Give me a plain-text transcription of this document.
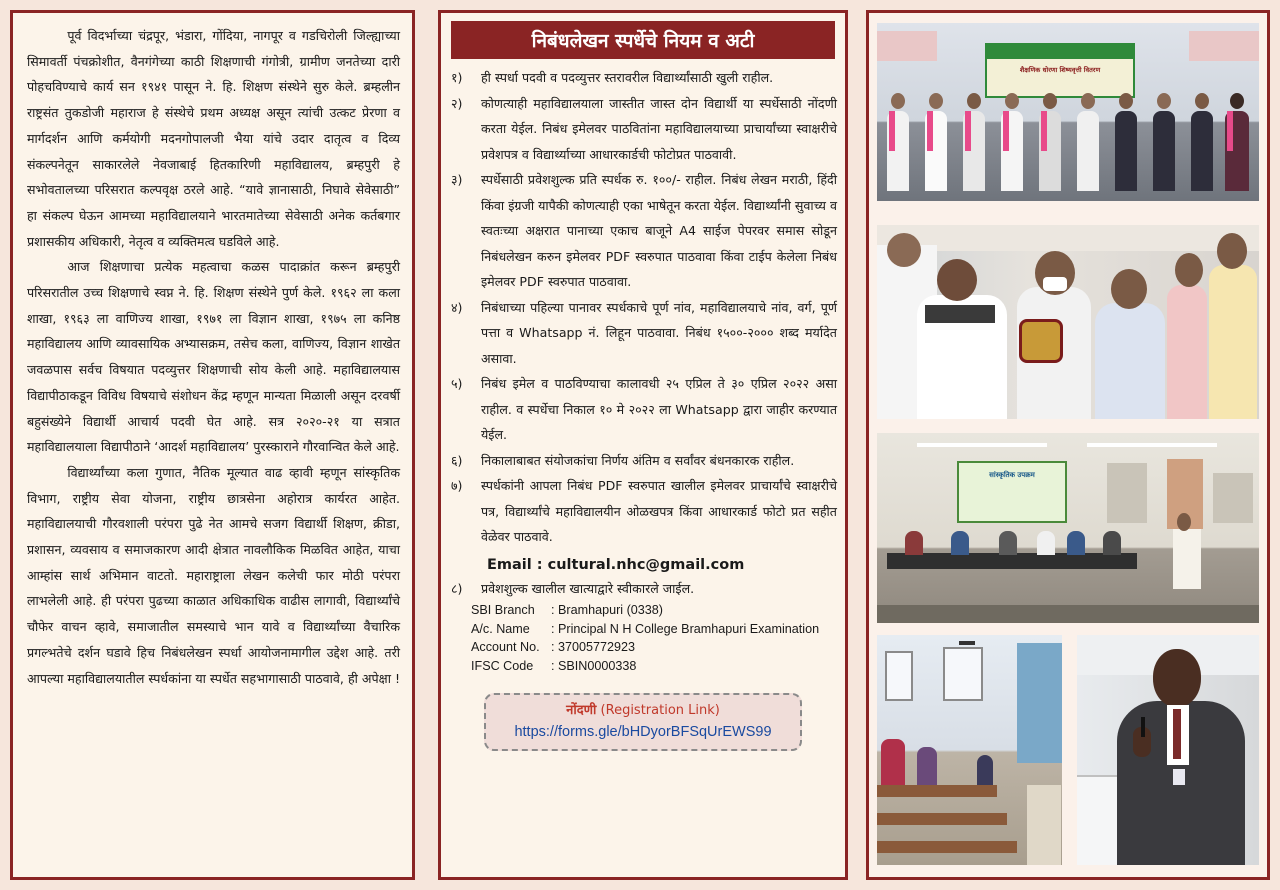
पूर्व विदर्भाच्या चंद्रपूर, भंडारा, गोंदिया, नागपूर व गडचिरोली जिल्ह्याच्या सिमावर्ती पंचक्रोशीत, वैनगंगेच्या काठी शिक्षणाची गंगोत्री, ग्रामीण जनतेच्या दारी पोहचविण्याचे कार्य सन १९४१ पासून ने. हि. शिक्षण संस्थेने सुरु केले. ब्रम्हलीन राष्ट्रसंत तुकडोजी महाराज हे संस्थेचे प्रथम अध्यक्ष असून त्यांची उत्कट प्रेरणा व मार्गदर्शन आणि कर्मयोगी मदनगोपालजी भैया यांचे उदार दातृत्व व दिव्य संकल्पनेतून साकारलेले नेवजाबाई हितकारिणी महाविद्यालय, ब्रम्हपुरी हे सभोवतालच्या परिसरात कल्पवृक्ष ठरले आहे. “यावे ज्ञानासाठी, निघावे सेवेसाठी” हा संकल्प घेऊन आमच्या महाविद्यालयाने भारतमातेच्या सेवेसाठी अनेक कर्तबगार प्रशासकीय अधिकारी, नेतृत्व व व्यक्तिमत्व घडविले आहे.

आज शिक्षणाचा प्रत्येक महत्वाचा कळस पादाक्रांत करून ब्रम्हपुरी परिसरातील उच्च शिक्षणाचे स्वप्न ने. हि. शिक्षण संस्थेने पुर्ण केले. १९६२ ला कला शाखा, १९६३ ला वाणिज्य शाखा, १९७१ ला विज्ञान शाखा, १९७५ ला कनिष्ठ महाविद्यालय आणि व्यावसायिक अभ्यासक्रम, तसेच कला, वाणिज्य, विज्ञान शाखेत जवळपास सर्वच विषयात पदव्युत्तर शिक्षणाची सोय केली आहे. महाविद्यालयास विद्यापीठाकडून विविध विषयाचे संशोधन केंद्र म्हणून मान्यता मिळाली असून दरवर्षी बहुसंख्येने विद्यार्थी आचार्य पदवी घेत आहे. सत्र २०२०-२१ या सत्रात महाविद्यालयाला विद्यापीठाने ‘आदर्श महाविद्यालय’ पुरस्काराने गौरवान्वित केले आहे.

विद्यार्थ्यांच्या कला गुणात, नैतिक मूल्यात वाढ व्हावी म्हणून सांस्कृतिक विभाग, राष्ट्रीय सेवा योजना, राष्ट्रीय छात्रसेना अहोरात्र कार्यरत आहेत. महाविद्यालयाची गौरवशाली परंपरा पुढे नेत आमचे सजग विद्यार्थी शिक्षण, क्रीडा, प्रशासन, व्यवसाय व समाजकारण आदी क्षेत्रात नावलौकिक मिळवित आहेत, याचा आम्हांस सार्थ अभिमान वाटतो. महाराष्ट्राला लेखन कलेची फार मोठी परंपरा लाभलेली आहे. ही परंपरा पुढच्या काळात अधिकाधिक वाढीस लागावी, विद्यार्थ्यांचे चौफेर वाचन व्हावे, समाजातील समस्याचे भान यावे व विद्यार्थ्यांच्या वैचारिक प्रगल्भतेचे दर्शन घडावे हिच निबंधलेखन स्पर्धा आयोजनामागील उद्देश आहे. तरी आपल्या महाविद्यालयातील स्पर्धकांना या स्पर्धेत सहभागासाठी पाठवावे, ही अपेक्षा !

निबंधलेखन स्पर्धेचे नियम व अटी
१)	ही स्पर्धा पदवी व पदव्युत्तर स्तरावरील विद्यार्थ्यांसाठी खुली राहील.
२)	कोणत्याही महाविद्यालयाला जास्तीत जास्त दोन विद्यार्थी या स्पर्धेसाठी नोंदणी करता येईल. निबंध इमेलवर पाठवितांना महाविद्यालयाच्या प्राचार्यांच्या स्वाक्षरीचे प्रवेशपत्र व विद्यार्थ्याच्या आधारकार्डची फोटोप्रत पाठवावी.
३)	स्पर्धेसाठी प्रवेशशुल्क प्रति स्पर्धक रु. १००/- राहील. निबंध लेखन मराठी, हिंदी किंवा इंग्रजी यापैकी कोणत्याही एका भाषेतून करता येईल. विद्यार्थ्यांनी सुवाच्य व स्वतःच्या अक्षरात पानाच्या एकाच बाजूने A4 साईज पेपरवर समास सोडून निबंधलेखन करुन इमेलवर PDF स्वरुपात पाठवावा किंवा टाईप केलेला निबंध इमेलवर PDF स्वरुपात पाठवावा.
४)	निबंधाच्या पहिल्या पानावर स्पर्धकाचे पूर्ण नांव, महाविद्यालयाचे नांव, वर्ग, पूर्ण पत्ता व Whatsapp नं. लिहून पाठवावा. निबंध १५००-२००० शब्द मर्यादेत असावा.
५)	निबंध इमेल व पाठविण्याचा कालावधी २५ एप्रिल ते ३० एप्रिल २०२२ असा राहील. व स्पर्धेचा निकाल १० मे २०२२ ला Whatsapp द्वारा जाहीर करण्यात येईल.
६)	निकालाबाबत संयोजकांचा निर्णय अंतिम व सर्वांवर बंधनकारक राहील.
७)	स्पर्धकांनी आपला निबंध PDF स्वरुपात खालील इमेलवर प्राचार्यांचे स्वाक्षरीचे पत्र, विद्यार्थ्यांचे महाविद्यालयीन ओळखपत्र किंवा आधारकार्ड फोटो प्रत सहीत वेळेवर पाठवावे.
Email : cultural.nhc@gmail.com
८)	प्रवेशशुल्क खालील खात्याद्वारे स्वीकारले जाईल.
SBI Branch	: Bramhapuri (0338)
A/c. Name	: Principal N H College Bramhapuri Examination
Account No. : 37005772923
IFSC Code	: SBIN0000338
नोंदणी (Registration Link)
https://forms.gle/bHDyorBFSqUrEWS99
शैक्षणिक धोरणा शिष्यवृत्ती वितरण
सांस्कृतिक उपक्रम
